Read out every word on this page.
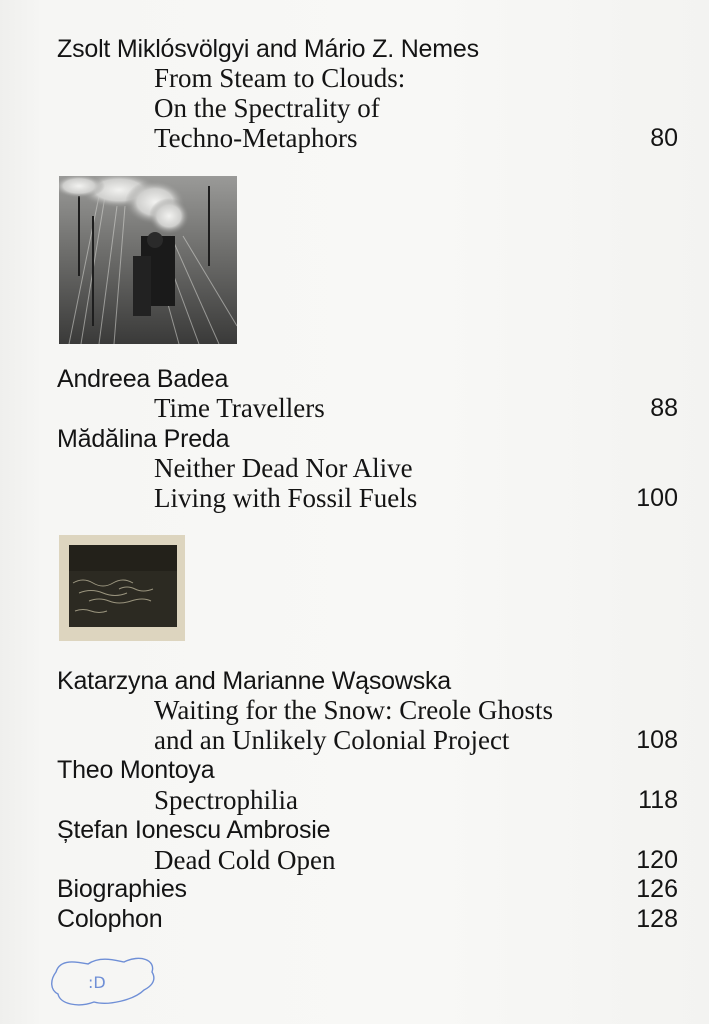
Zsolt Miklósvölgyi and Mário Z. Nemes
From Steam to Clouds:
On the Spectrality of
Techno-Metaphors	80
Andreea Badea
Time Travellers	88
Mădălina Preda
Neither Dead Nor Alive
Living with Fossil Fuels	100
Katarzyna and Marianne Wąsowska
Waiting for the Snow: Creole Ghosts
and an Unlikely Colonial Project	108
Theo Montoya
Spectrophilia	118
Ștefan Ionescu Ambrosie
Dead Cold Open	120
Biographies	126
Colophon	128
:D
